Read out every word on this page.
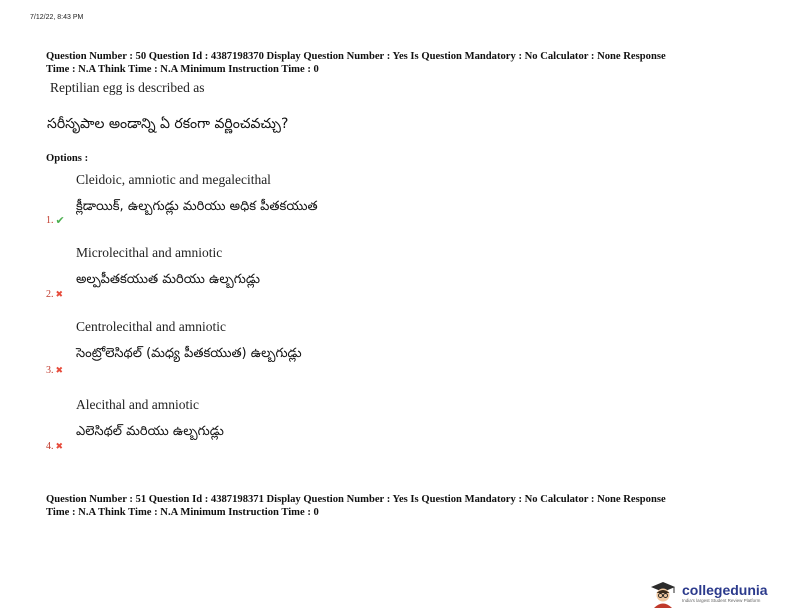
7/12/22, 8:43 PM
Question Number : 50 Question Id : 4387198370 Display Question Number : Yes Is Question Mandatory : No Calculator : None Response
Time : N.A Think Time : N.A Minimum Instruction Time : 0
Reptilian egg is described as
సరీసృపాల అండాన్ని ఏ రకంగా వర్ణించవచ్చు?
Options :
Cleidoic, amniotic and megalecithal
క్లీడాయిక్, ఉల్బగుడ్లు మరియు అధిక పీతకయుత
1. ✔
Microlecithal and amniotic
అల్పపీతకయుత మరియు ఉల్బగుడ్లు
2. ✖
Centrolecithal and amniotic
సెంట్రోలెసిథల్ (మధ్య పీతకయుత) ఉల్బగుడ్లు
3. ✖
Alecithal and amniotic
ఎలెసిథల్ మరియు ఉల్బగుడ్లు
4. ✖
Question Number : 51 Question Id : 4387198371 Display Question Number : Yes Is Question Mandatory : No Calculator : None Response
Time : N.A Think Time : N.A Minimum Instruction Time : 0
collegedunia
India's largest Student Review Platform
